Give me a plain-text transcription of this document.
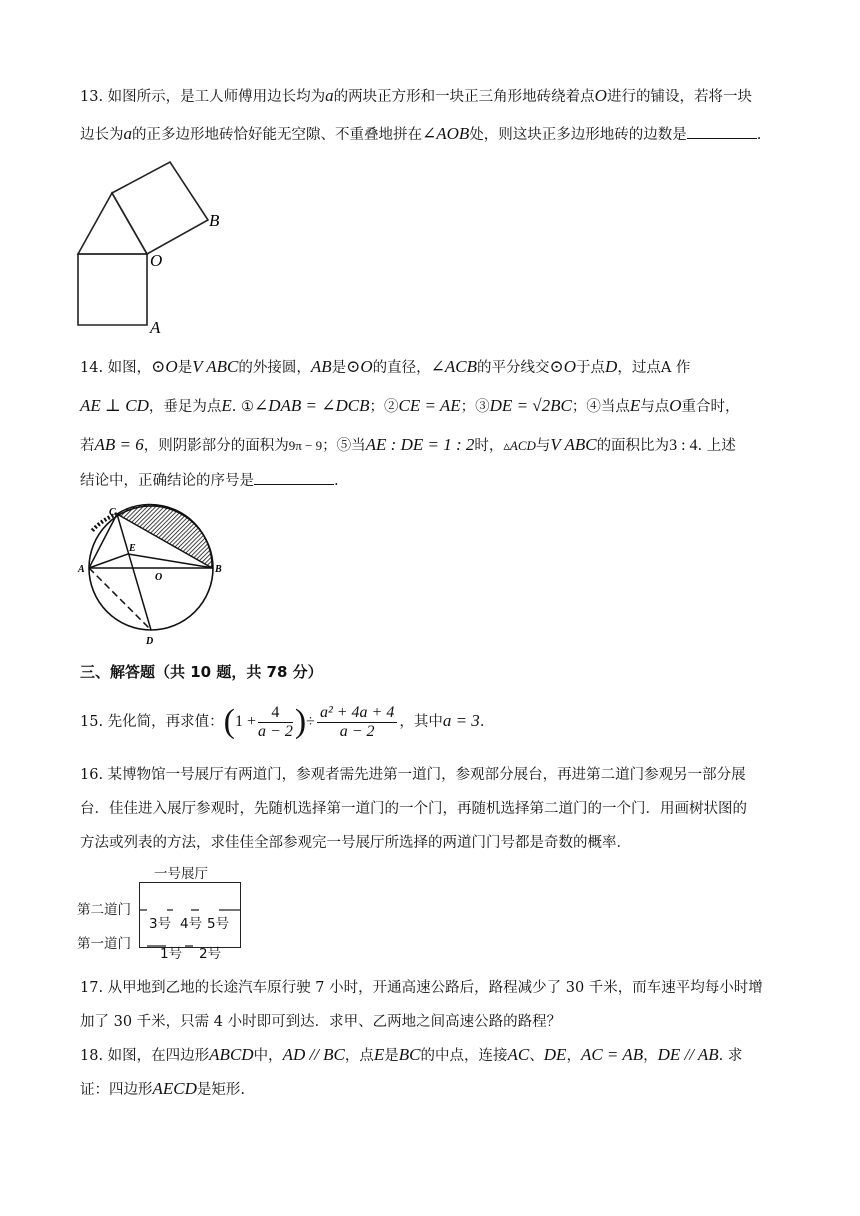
13. 如图所示，是工人师傅用边长均为a的两块正方形和一块正三角形地砖绕着点O进行的铺设，若将一块
边长为a的正多边形地砖恰好能无空隙、不重叠地拼在∠AOB处，则这块正多边形地砖的边数是	.
B
O
A
14. 如图，⊙O是V ABC的外接圆，AB是⊙O的直径，∠ACB的平分线交⊙O于点D，过点A 作
AE ⊥ CD，垂足为点E. ①∠DAB = ∠DCB；②CE = AE；③DE = √2BC；④当点E与点O重合时，
若AB = 6，则阴影部分的面积为9π − 9；⑤当AE : DE = 1 : 2时，▵ACD与V ABC的面积比为3 : 4. 上述
结论中，正确结论的序号是	.
C
E
A
O
B
D
三、解答题（共 10 题，共 78 分）
15. 先化简，再求值：($1 + \frac{4}{a - 2}$ )÷ $\frac{\text{a² + 4a + 4}}{a - 2}$ ，其中a = 3.
16. 某博物馆一号展厅有两道门，参观者需先进第一道门，参观部分展台，再进第二道门参观另一部分展
台．佳佳进入展厅参观时，先随机选择第一道门的一个门，再随机选择第二道门的一个门．用画树状图的
方法或列表的方法，求佳佳全部参观完一号展厅所选择的两道门门号都是奇数的概率．
一号展厅
第二道门
第一道门
3号 4号 5号
1号 2号
17. 从甲地到乙地的长途汽车原行驶 7 小时，开通高速公路后，路程减少了 30 千米，而车速平均每小时增
加了 30 千米，只需 4 小时即可到达．求甲、乙两地之间高速公路的路程？
18. 如图，在四边形ABCD中，AD // BC，点E是BC的中点，连接AC、DE，AC = AB，DE // AB. 求
证：四边形AECD是矩形.
